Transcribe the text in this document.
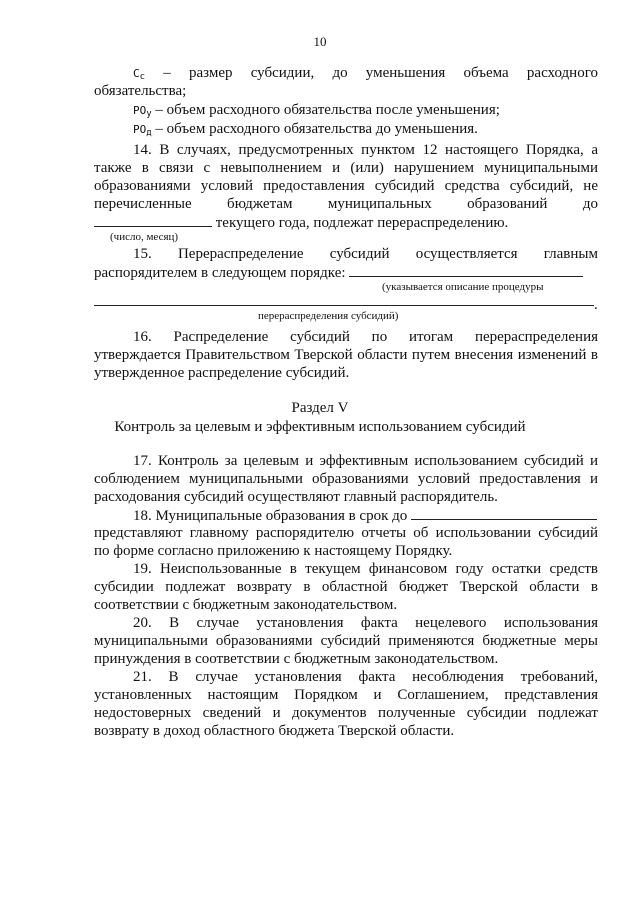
10
$C_c$ – размер субсидии, до уменьшения объема расходного
обязательства;
$PO_у$ – объем расходного обязательства после уменьшения;
$PO_д$ – объем расходного обязательства до уменьшения.
14. В случаях, предусмотренных пунктом 12 настоящего Порядка, а
также в связи с невыполнением и (или) нарушением муниципальными
образованиями условий предоставления субсидий средства субсидий, не
перечисленные бюджетам муниципальных образований до
текущего года, подлежат перераспределению.
(число, месяц)
15. Перераспределение субсидий осуществляется главным
распорядителем в следующем порядке:
(указывается описание процедуры
.
перераспределения субсидий)
16. Распределение субсидий по итогам перераспределения
утверждается Правительством Тверской области путем внесения изменений в
утвержденное распределение субсидий.
Раздел V
Контроль за целевым и эффективным использованием субсидий
17. Контроль за целевым и эффективным использованием субсидий и
соблюдением муниципальными образованиями условий предоставления и
расходования субсидий осуществляют главный распорядитель.
18. Муниципальные образования в срок до
представляют главному распорядителю отчеты об использовании субсидий
по форме согласно приложению к настоящему Порядку.
19. Неиспользованные в текущем финансовом году остатки средств
субсидии подлежат возврату в областной бюджет Тверской области в
соответствии с бюджетным законодательством.
20. В случае установления факта нецелевого использования
муниципальными образованиями субсидий применяются бюджетные меры
принуждения в соответствии с бюджетным законодательством.
21. В случае установления факта несоблюдения требований,
установленных настоящим Порядком и Соглашением, представления
недостоверных сведений и документов полученные субсидии подлежат
возврату в доход областного бюджета Тверской области.
